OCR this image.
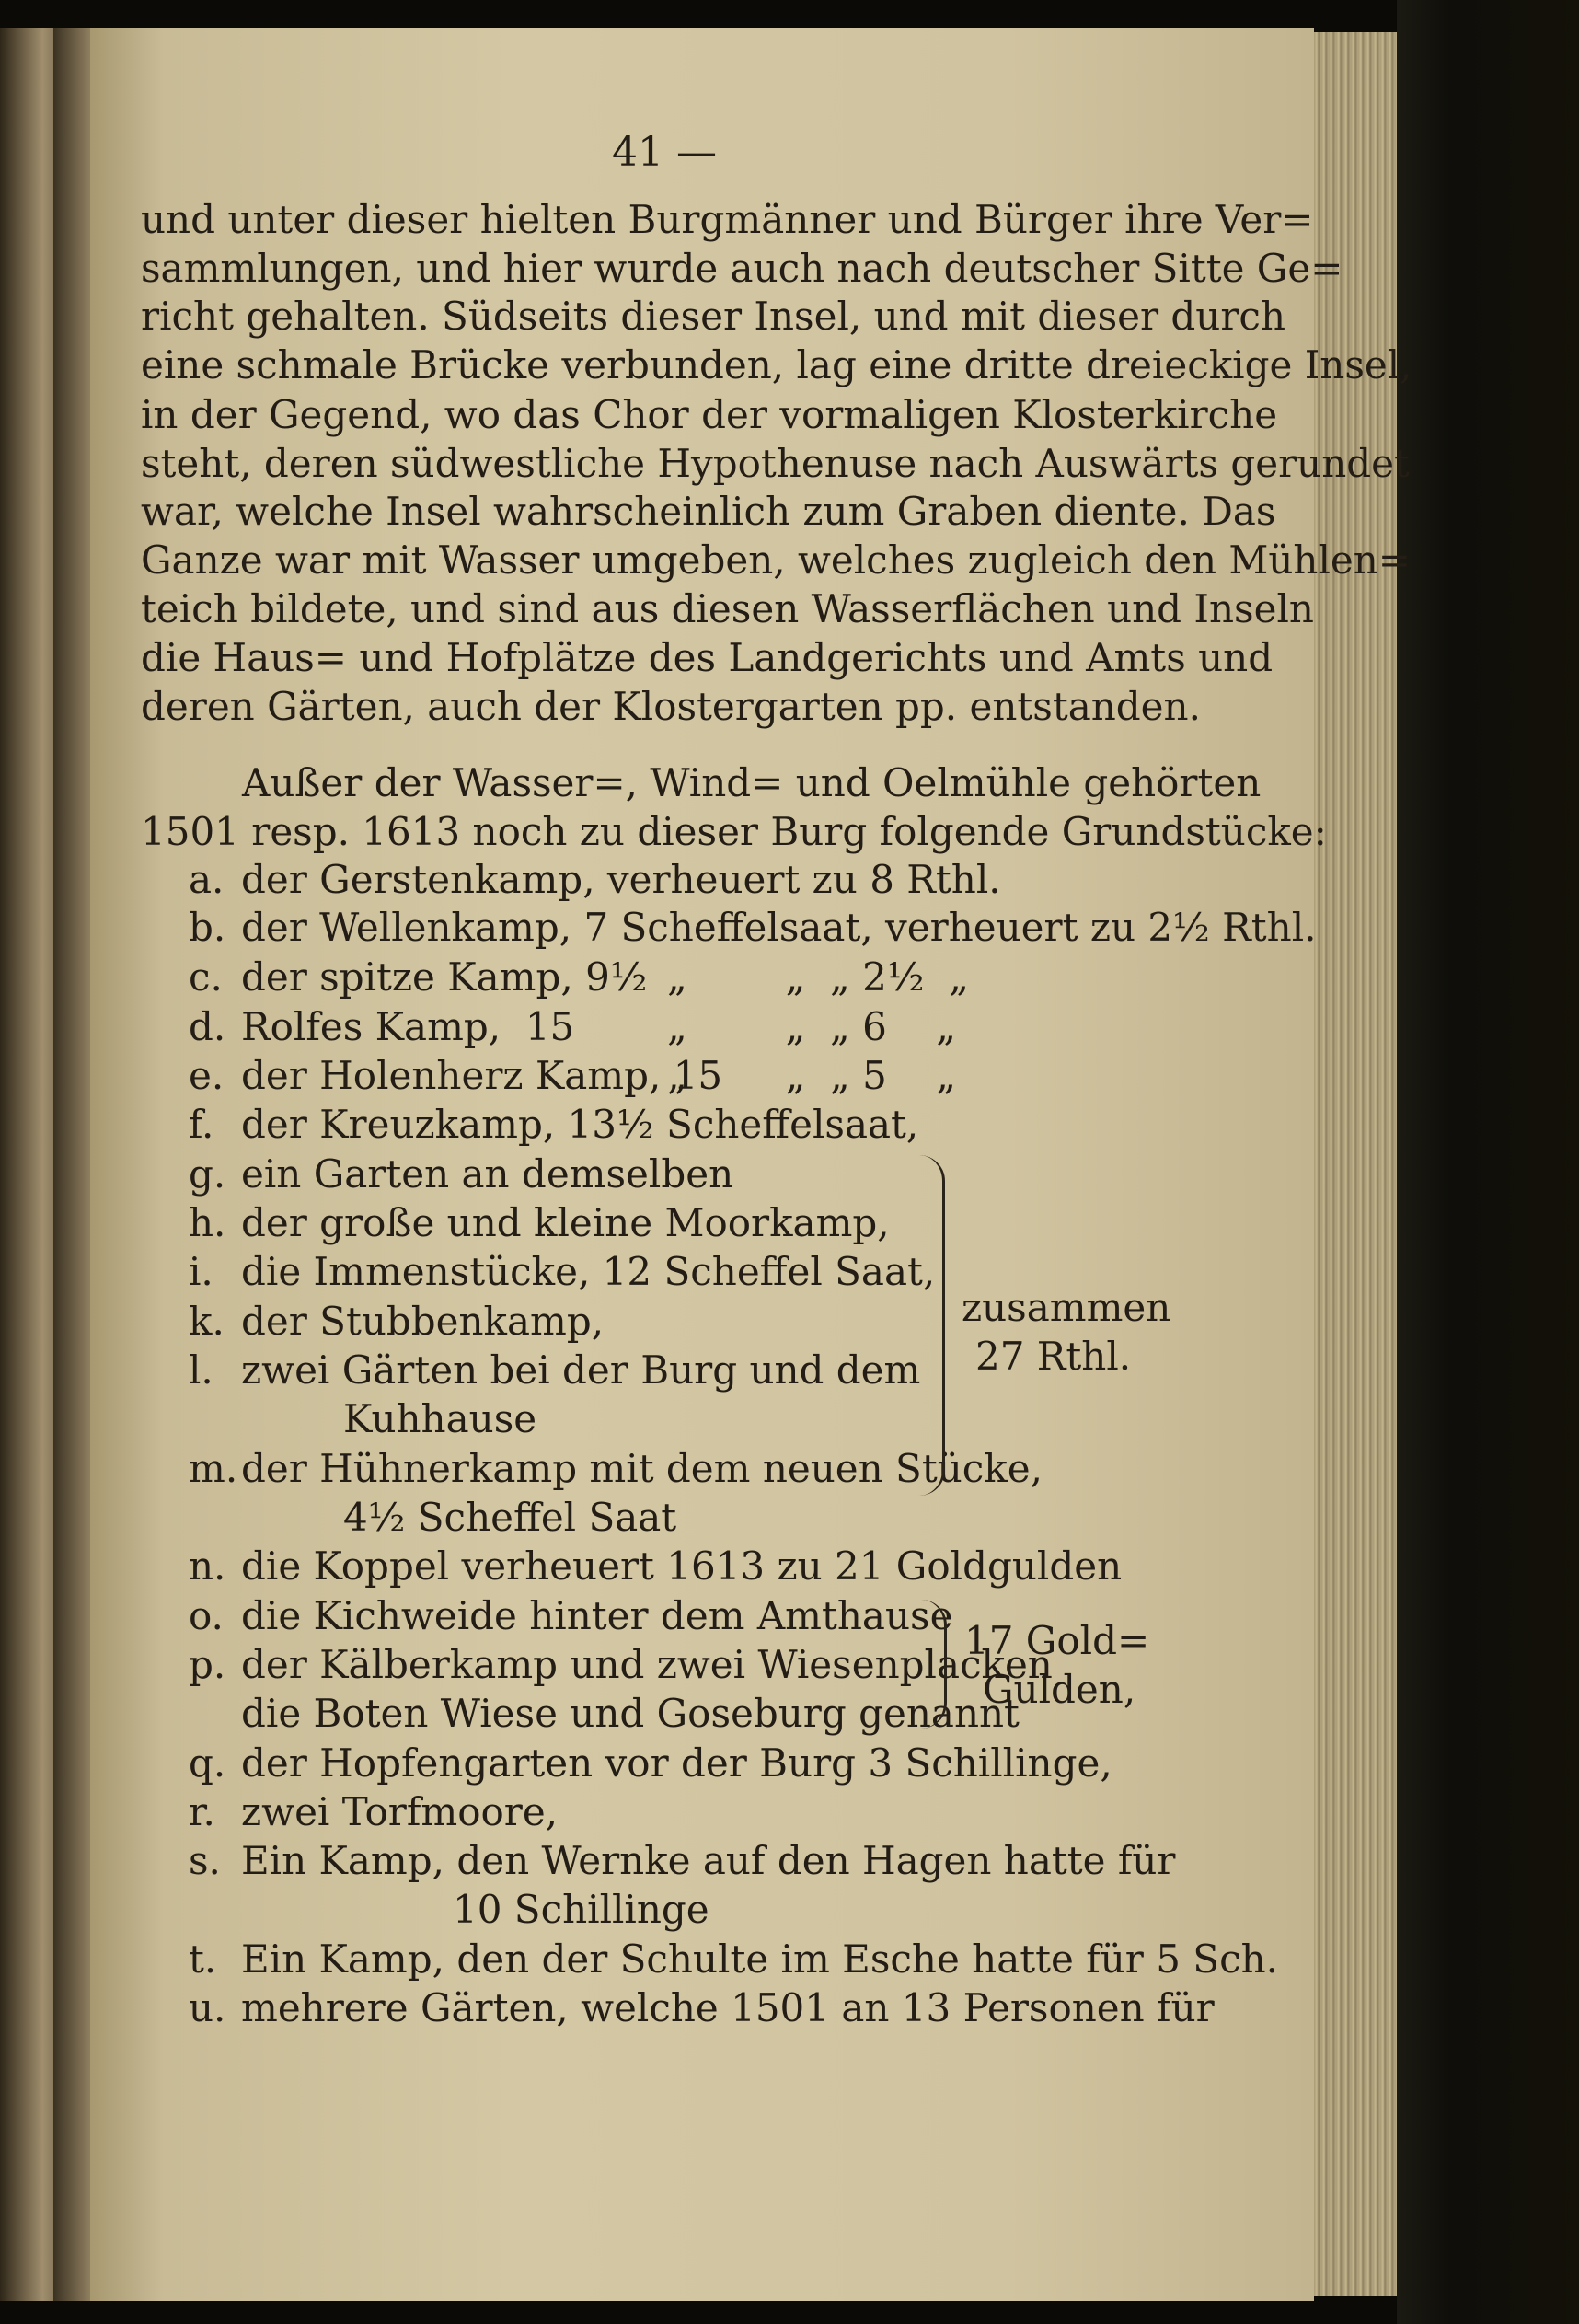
41 —
und unter dieser hielten Burgmänner und Bürger ihre Ver=
sammlungen, und hier wurde auch nach deutscher Sitte Ge=
richt gehalten. Südseits dieser Insel, und mit dieser durch
eine schmale Brücke verbunden, lag eine dritte dreieckige Insel,
in der Gegend, wo das Chor der vormaligen Klosterkirche
steht, deren südwestliche Hypothenuse nach Auswärts gerundet
war, welche Insel wahrscheinlich zum Graben diente. Das
Ganze war mit Wasser umgeben, welches zugleich den Mühlen=
teich bildete, und sind aus diesen Wasserflächen und Inseln
die Haus= und Hofplätze des Landgerichts und Amts und
deren Gärten, auch der Klostergarten pp. entstanden.
Außer der Wasser=, Wind= und Oelmühle gehörten
1501 resp. 1613 noch zu dieser Burg folgende Grundstücke:
a.
b.
c.
d.
e.
f.
g.
h.
i.
k.
l.
m.
n.
o.
p.
q.
r.
s.
t.
u.
der Gerstenkamp, verheuert zu 8 Rthl.
der Wellenkamp, 7 Scheffelsaat, verheuert zu 2½ Rthl.
der spitze Kamp, 9½ „        „  „ 2½  „
Rolfes Kamp,  15 „        „  „ 6    „
der Holenherz Kamp, 15
„        „  „ 5    „
der Kreuzkamp, 13½ Scheffelsaat,
ein Garten an demselben
der große und kleine Moorkamp,
die Immenstücke, 12 Scheffel Saat,
der Stubbenkamp,
zwei Gärten bei der Burg und dem
Kuhhause
der Hühnerkamp mit dem neuen Stücke,
4½ Scheffel Saat
die Koppel verheuert 1613 zu 21 Goldgulden
die Kichweide hinter dem Amthause
der Kälberkamp und zwei Wiesenplacken
die Boten Wiese und Goseburg genannt
der Hopfengarten vor der Burg 3 Schillinge,
zwei Torfmoore,
Ein Kamp, den Wernke auf den Hagen hatte für
10 Schillinge
Ein Kamp, den der Schulte im Esche hatte für 5 Sch.
mehrere Gärten, welche 1501 an 13 Personen für
zusammen
27 Rthl.
17 Gold=
Gulden,
